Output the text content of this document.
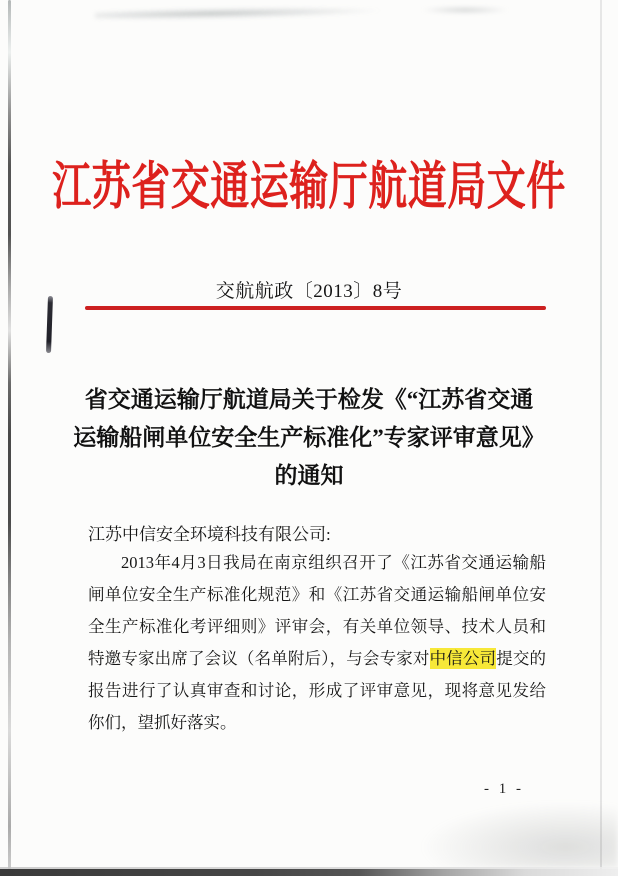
江苏省交通运输厅航道局文件
交航航政〔2013〕8号
省交通运输厅航道局关于检发《“江苏省交通
运输船闸单位安全生产标准化”专家评审意见》
的通知
江苏中信安全环境科技有限公司:

2013年4月3日我局在南京组织召开了《江苏省交通运输船闸单位安全生产标准化规范》和《江苏省交通运输船闸单位安全生产标准化考评细则》评审会，有关单位领导、技术人员和特邀专家出席了会议（名单附后），与会专家对中信公司提交的报告进行了认真审查和讨论，形成了评审意见，现将意见发给你们，望抓好落实。

- 1 -
